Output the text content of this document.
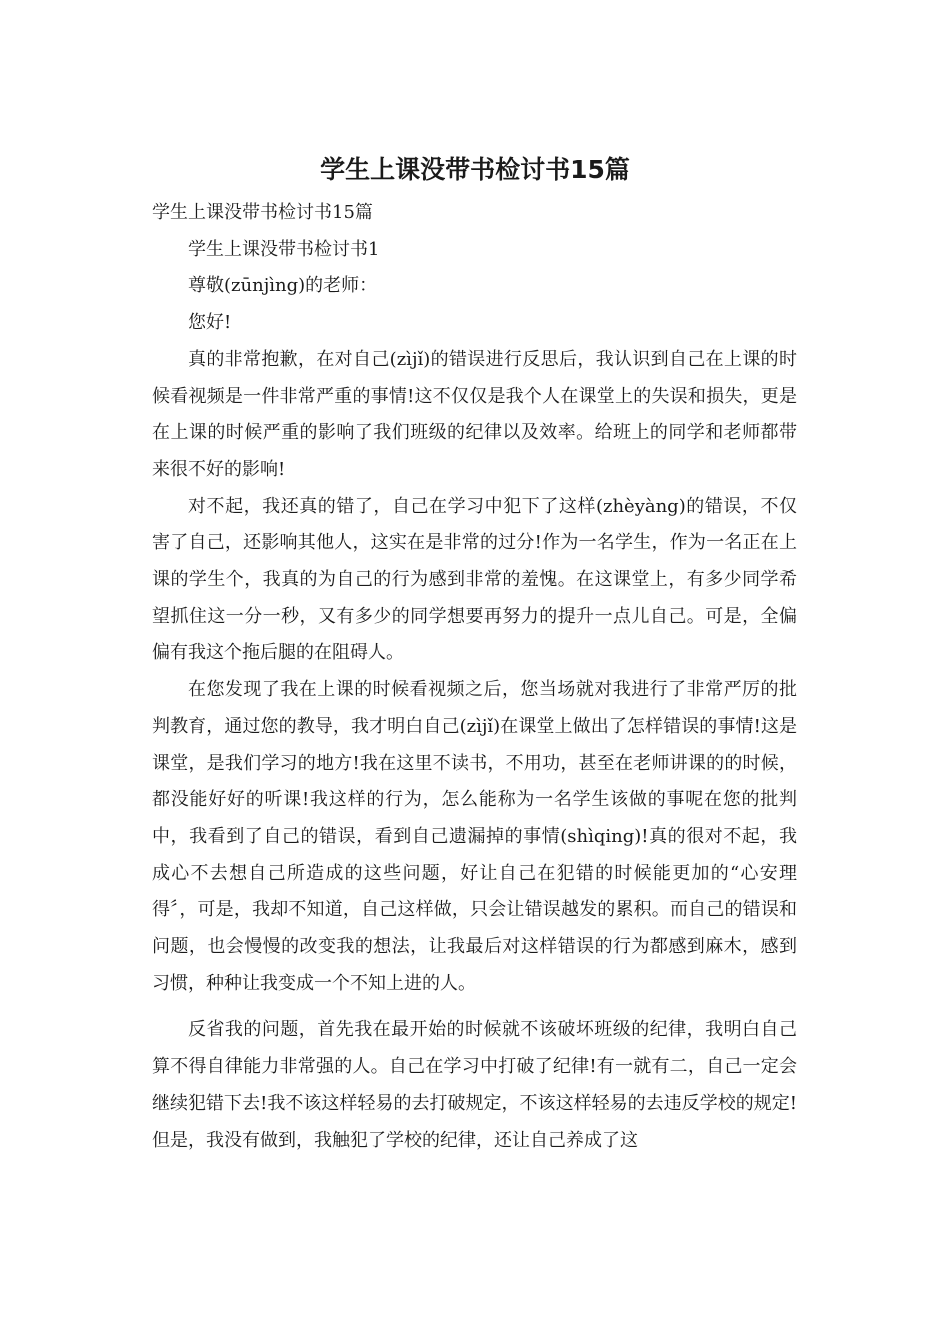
学生上课没带书检讨书15篇

学生上课没带书检讨书15篇

学生上课没带书检讨书1

尊敬(zūnjìng)的老师：

您好!

真的非常抱歉，在对自己(zìjǐ)的错误进行反思后，我认识到自己在上课的时候看视频是一件非常严重的事情!这不仅仅是我个人在课堂上的失误和损失，更是在上课的时候严重的影响了我们班级的纪律以及效率。给班上的同学和老师都带来很不好的影响!

对不起，我还真的错了，自己在学习中犯下了这样(zhèyàng)的错误，不仅害了自己，还影响其他人，这实在是非常的过分!作为一名学生，作为一名正在上课的学生个，我真的为自己的行为感到非常的羞愧。在这课堂上，有多少同学希望抓住这一分一秒，又有多少的同学想要再努力的提升一点儿自己。可是，全偏偏有我这个拖后腿的在阻碍人。

在您发现了我在上课的时候看视频之后，您当场就对我进行了非常严厉的批判教育，通过您的教导，我才明白自己(zìjǐ)在课堂上做出了怎样错误的事情!这是课堂，是我们学习的地方!我在这里不读书，不用功，甚至在老师讲课的的时候，都没能好好的听课!我这样的行为，怎么能称为一名学生该做的事呢在您的批判中，我看到了自己的错误，看到自己遗漏掉的事情(shìqing)!真的很对不起，我成心不去想自己所造成的这些问题，好让自己在犯错的时候能更加的“心安理得〞，可是，我却不知道，自己这样做，只会让错误越发的累积。而自己的错误和问题，也会慢慢的改变我的想法，让我最后对这样错误的行为都感到麻木，感到习惯，种种让我变成一个不知上进的人。

反省我的问题，首先我在最开始的时候就不该破坏班级的纪律，我明白自己算不得自律能力非常强的人。自己在学习中打破了纪律!有一就有二，自己一定会继续犯错下去!我不该这样轻易的去打破规定，不该这样轻易的去违反学校的规定!但是，我没有做到，我触犯了学校的纪律，还让自己养成了这
